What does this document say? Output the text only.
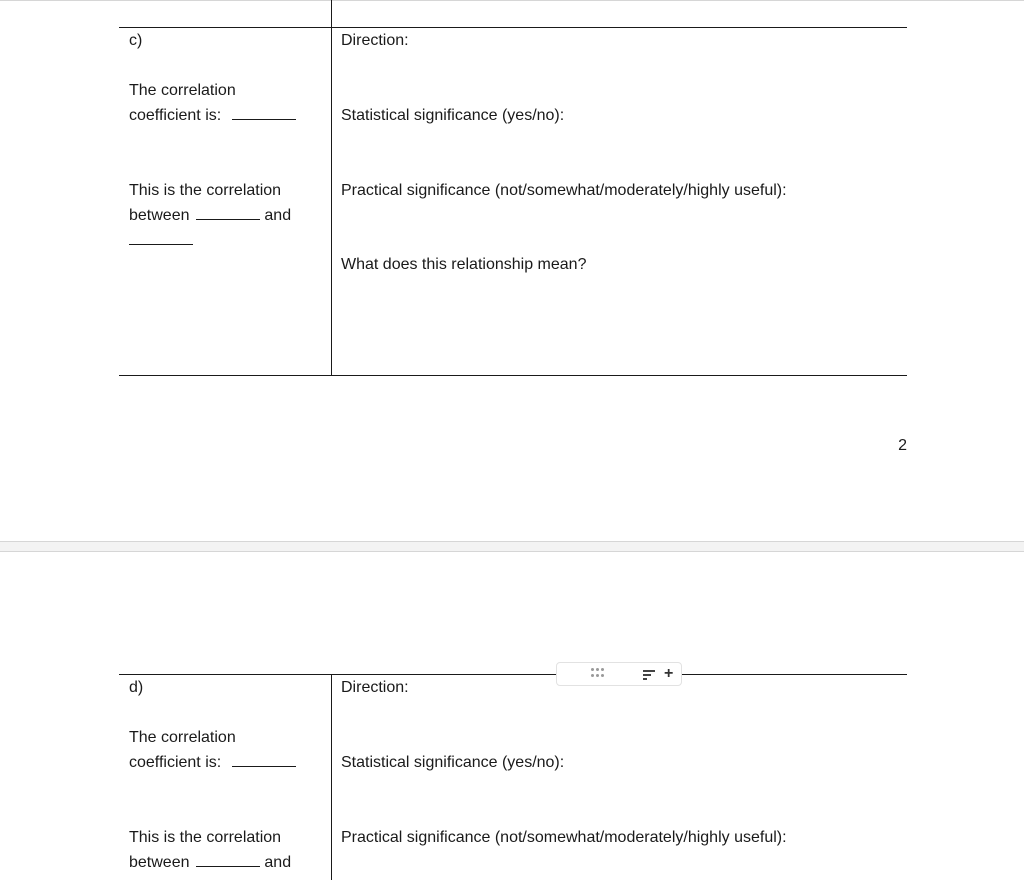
c)
The correlation
coefficient is:
This is the correlation
between	and
Direction:
Statistical significance (yes/no):
Practical significance (not/somewhat/moderately/highly useful):
What does this relationship mean?
2
d)
The correlation
coefficient is:
This is the correlation
between	and
Direction:
Statistical significance (yes/no):
Practical significance (not/somewhat/moderately/highly useful):
+
